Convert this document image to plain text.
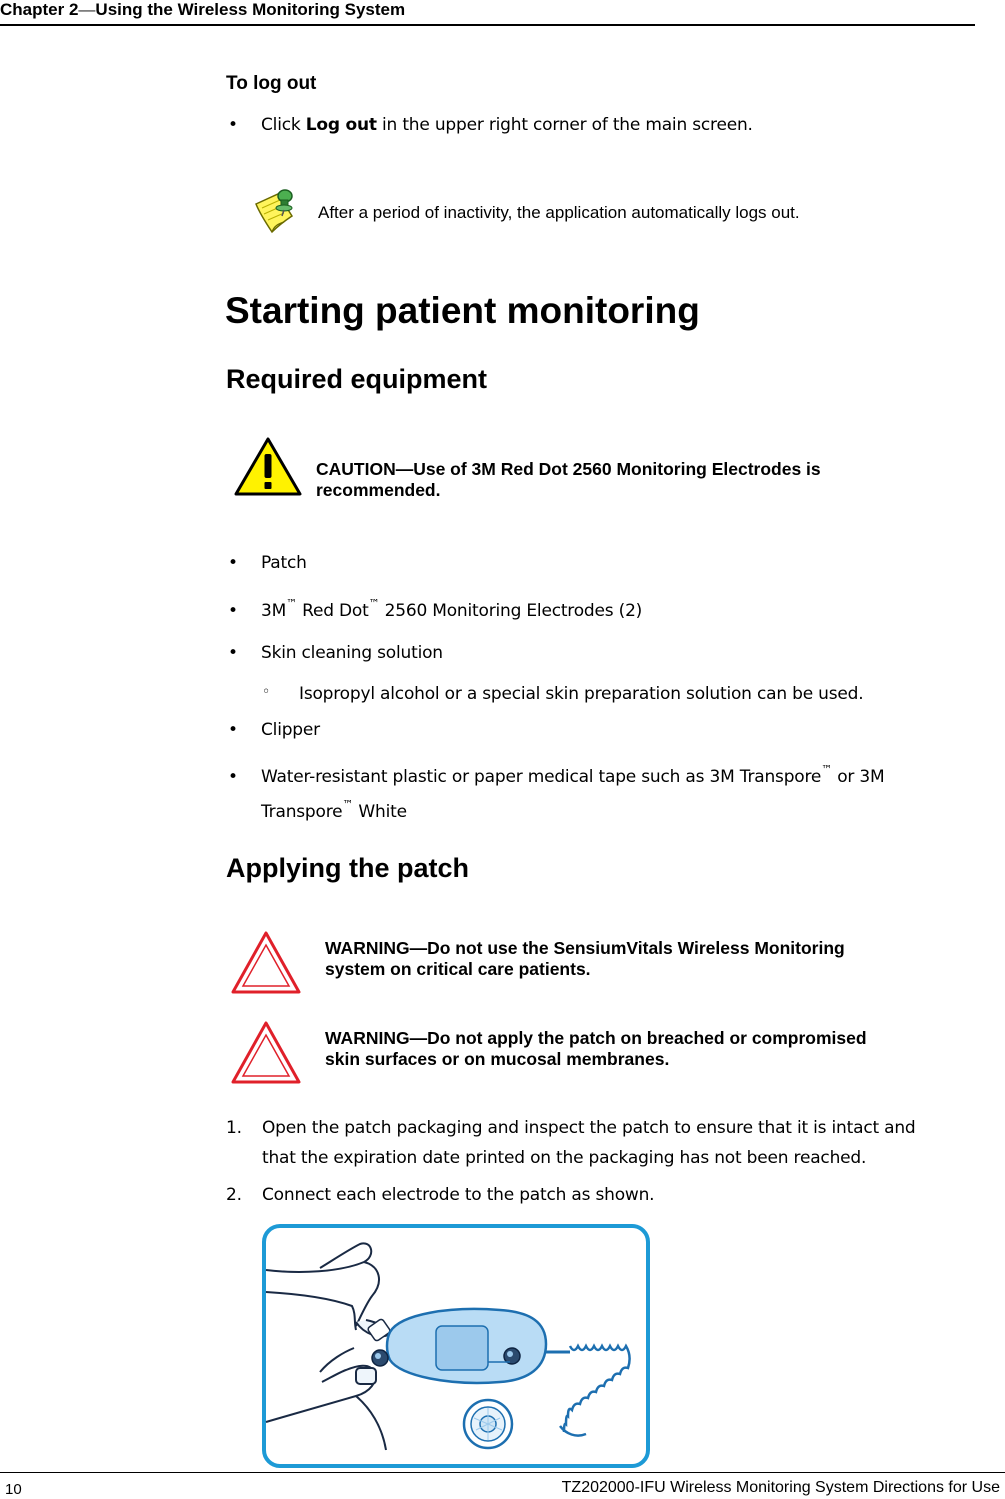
Chapter 2—Using the Wireless Monitoring System
To log out
• Click Log out in the upper right corner of the main screen.
After a period of inactivity, the application automatically logs out.
Starting patient monitoring
Required equipment
CAUTION—Use of 3M Red Dot 2560 Monitoring Electrodes is
recommended.
• Patch
• 3M™ Red Dot™ 2560 Monitoring Electrodes (2)
• Skin cleaning solution
◦ Isopropyl alcohol or a special skin preparation solution can be used.
• Clipper
• Water-resistant plastic or paper medical tape such as 3M Transpore™ or 3M
Transpore™ White
Applying the patch
WARNING—Do not use the SensiumVitals Wireless Monitoring
system on critical care patients.
WARNING—Do not apply the patch on breached or compromised
skin surfaces or on mucosal membranes.
1. Open the patch packaging and inspect the patch to ensure that it is intact and
that the expiration date printed on the packaging has not been reached.
2. Connect each electrode to the patch as shown.
10	TZ202000-IFU Wireless Monitoring System Directions for Use
